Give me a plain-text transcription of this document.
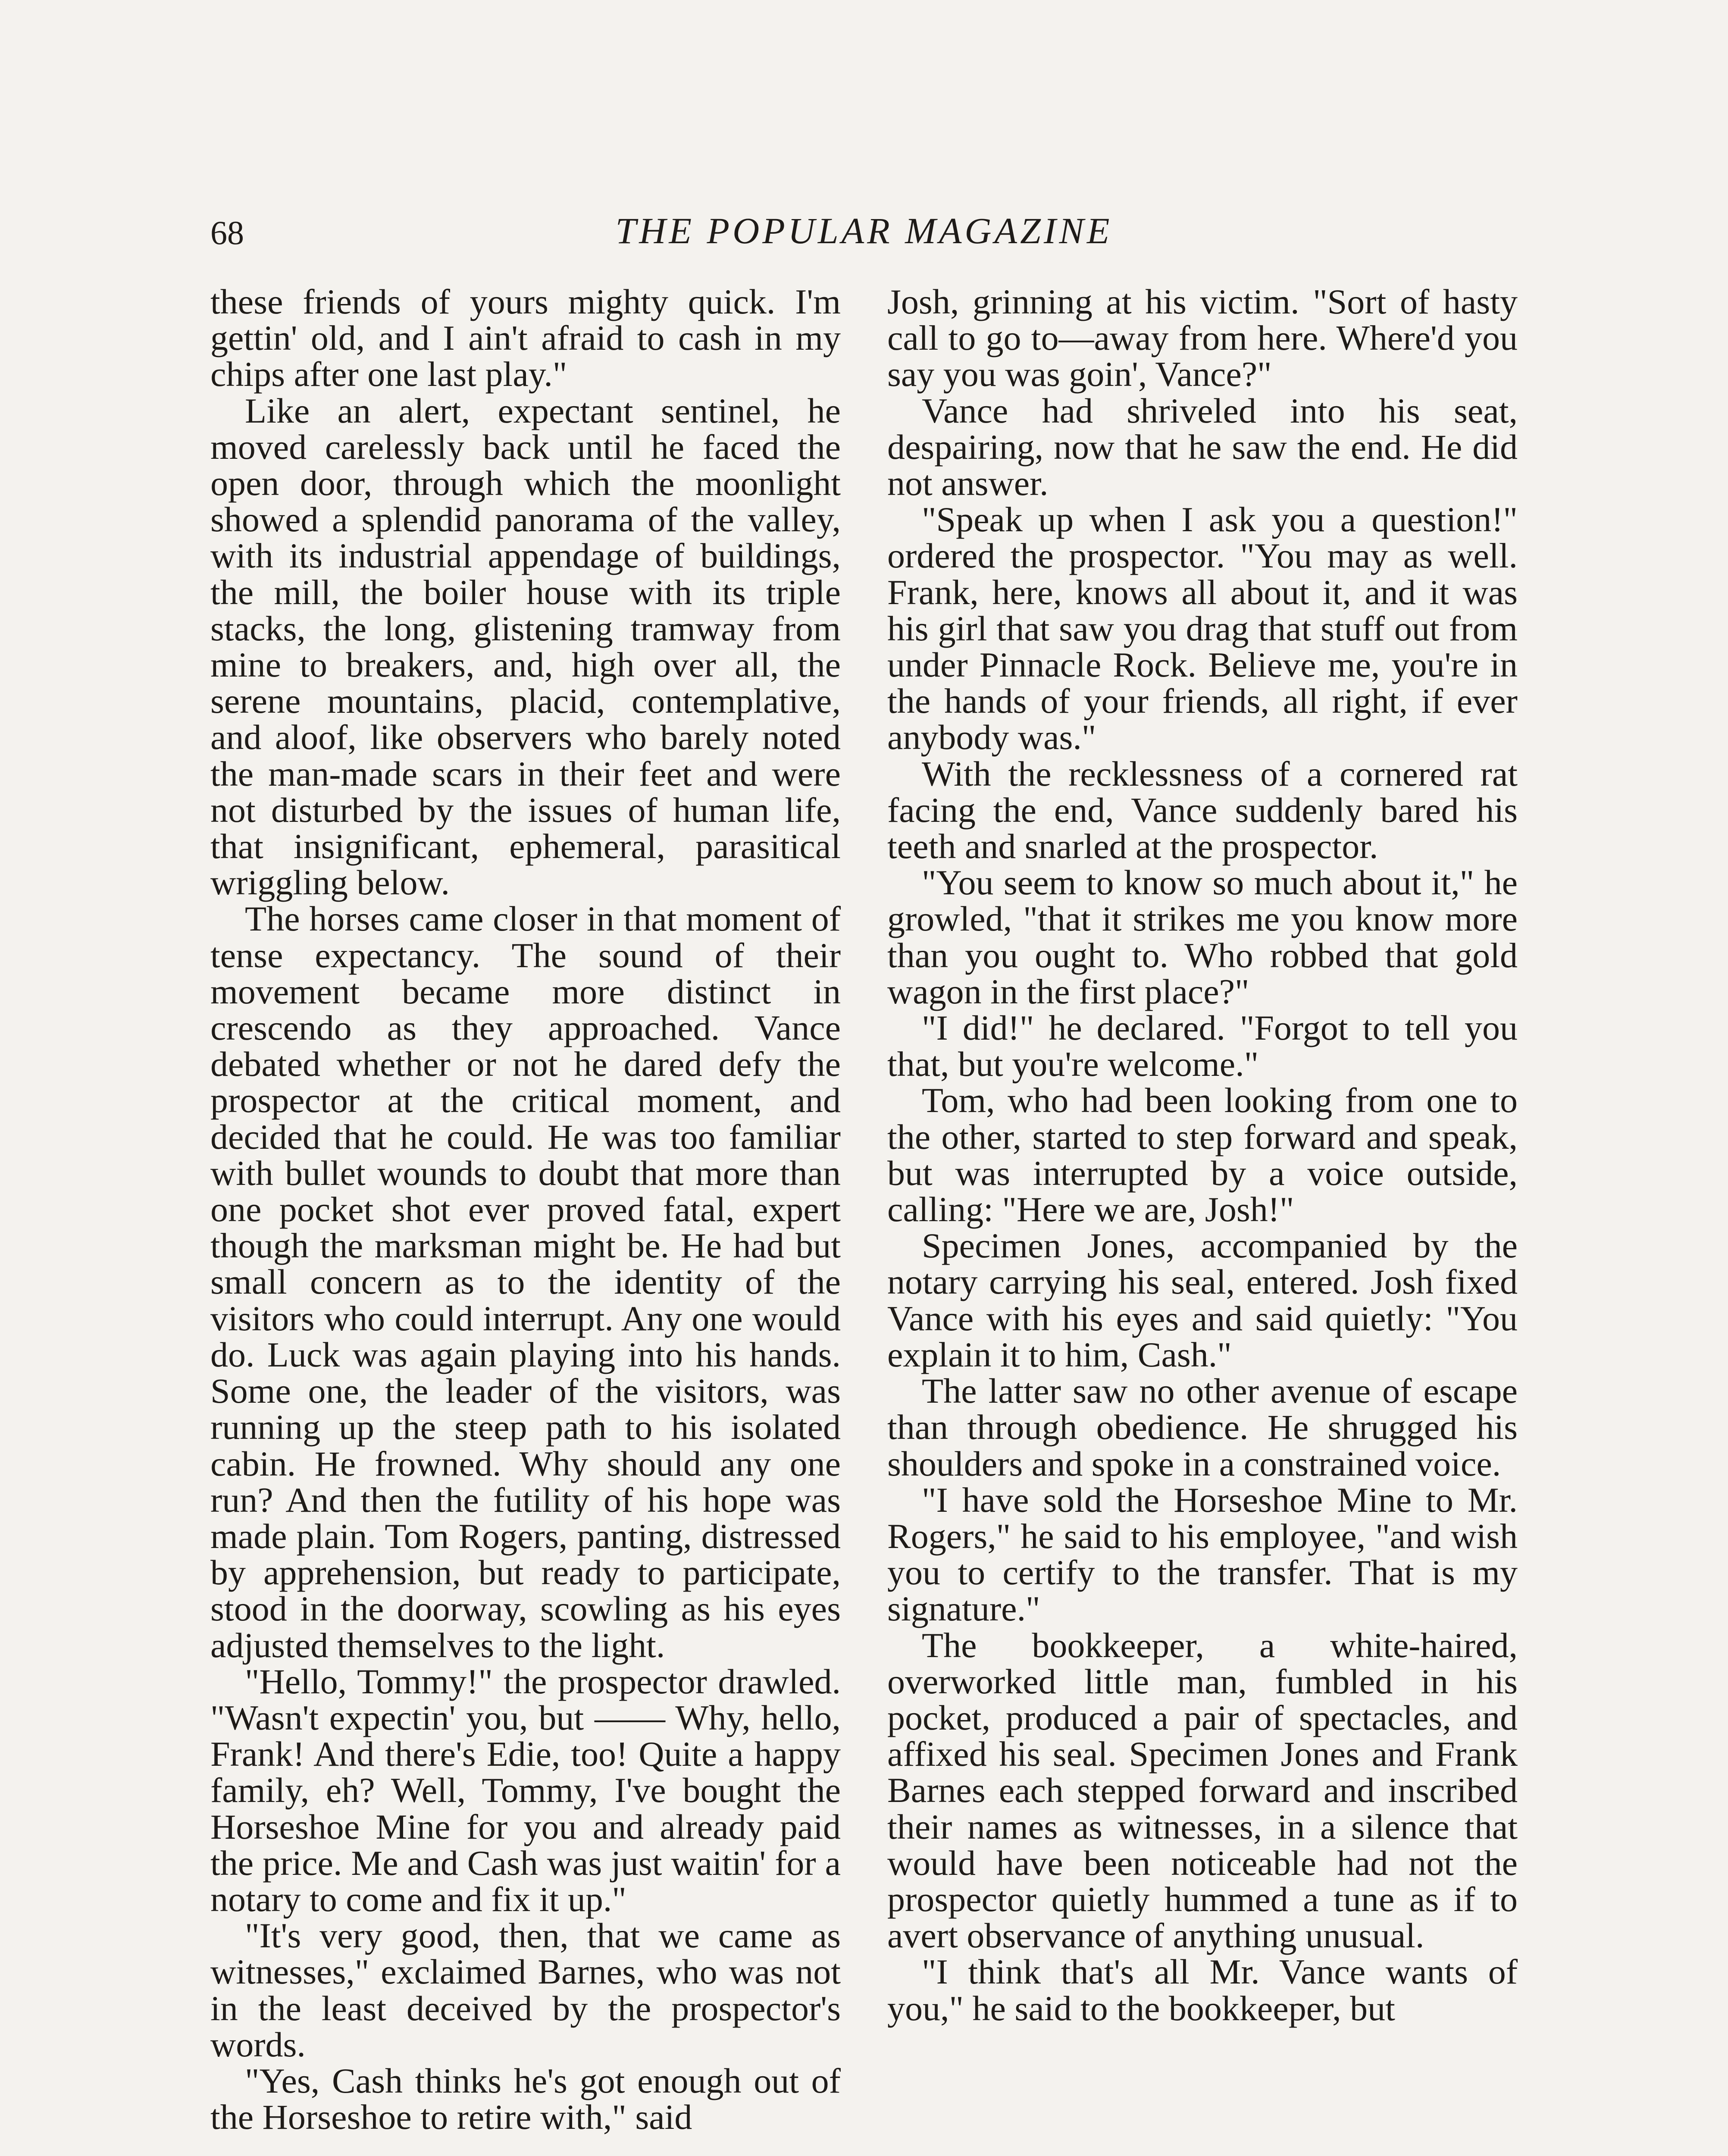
68	THE POPULAR MAGAZINE

these friends of yours mighty quick. I'm gettin' old, and I ain't afraid to cash in my chips after one last play."

Like an alert, expectant sentinel, he moved carelessly back until he faced the open door, through which the moonlight showed a splendid panorama of the valley, with its industrial appendage of buildings, the mill, the boiler house with its triple stacks, the long, glistening tramway from mine to breakers, and, high over all, the serene mountains, placid, contemplative, and aloof, like observers who barely noted the man-made scars in their feet and were not disturbed by the issues of human life, that insignificant, ephemeral, parasitical wriggling below.

The horses came closer in that moment of tense expectancy. The sound of their movement became more distinct in crescendo as they approached. Vance debated whether or not he dared defy the prospector at the critical moment, and decided that he could. He was too familiar with bullet wounds to doubt that more than one pocket shot ever proved fatal, expert though the marksman might be. He had but small concern as to the identity of the visitors who could interrupt. Any one would do. Luck was again playing into his hands. Some one, the leader of the visitors, was running up the steep path to his isolated cabin. He frowned. Why should any one run? And then the futility of his hope was made plain. Tom Rogers, panting, distressed by apprehension, but ready to participate, stood in the doorway, scowling as his eyes adjusted themselves to the light.

"Hello, Tommy!" the prospector drawled. "Wasn't expectin' you, but —— Why, hello, Frank! And there's Edie, too! Quite a happy family, eh? Well, Tommy, I've bought the Horseshoe Mine for you and already paid the price. Me and Cash was just waitin' for a notary to come and fix it up."

"It's very good, then, that we came as witnesses," exclaimed Barnes, who was not in the least deceived by the prospector's words.

"Yes, Cash thinks he's got enough out of the Horseshoe to retire with," said

Josh, grinning at his victim. "Sort of hasty call to go to—away from here. Where'd you say you was goin', Vance?"

Vance had shriveled into his seat, despairing, now that he saw the end. He did not answer.

"Speak up when I ask you a question!" ordered the prospector. "You may as well. Frank, here, knows all about it, and it was his girl that saw you drag that stuff out from under Pinnacle Rock. Believe me, you're in the hands of your friends, all right, if ever anybody was."

With the recklessness of a cornered rat facing the end, Vance suddenly bared his teeth and snarled at the prospector.

"You seem to know so much about it," he growled, "that it strikes me you know more than you ought to. Who robbed that gold wagon in the first place?"

"I did!" he declared. "Forgot to tell you that, but you're welcome."

Tom, who had been looking from one to the other, started to step forward and speak, but was interrupted by a voice outside, calling: "Here we are, Josh!"

Specimen Jones, accompanied by the notary carrying his seal, entered. Josh fixed Vance with his eyes and said quietly: "You explain it to him, Cash."

The latter saw no other avenue of escape than through obedience. He shrugged his shoulders and spoke in a constrained voice.

"I have sold the Horseshoe Mine to Mr. Rogers," he said to his employee, "and wish you to certify to the transfer. That is my signature."

The bookkeeper, a white-haired, overworked little man, fumbled in his pocket, produced a pair of spectacles, and affixed his seal. Specimen Jones and Frank Barnes each stepped forward and inscribed their names as witnesses, in a silence that would have been noticeable had not the prospector quietly hummed a tune as if to avert observance of anything unusual.

"I think that's all Mr. Vance wants of you," he said to the bookkeeper, but
